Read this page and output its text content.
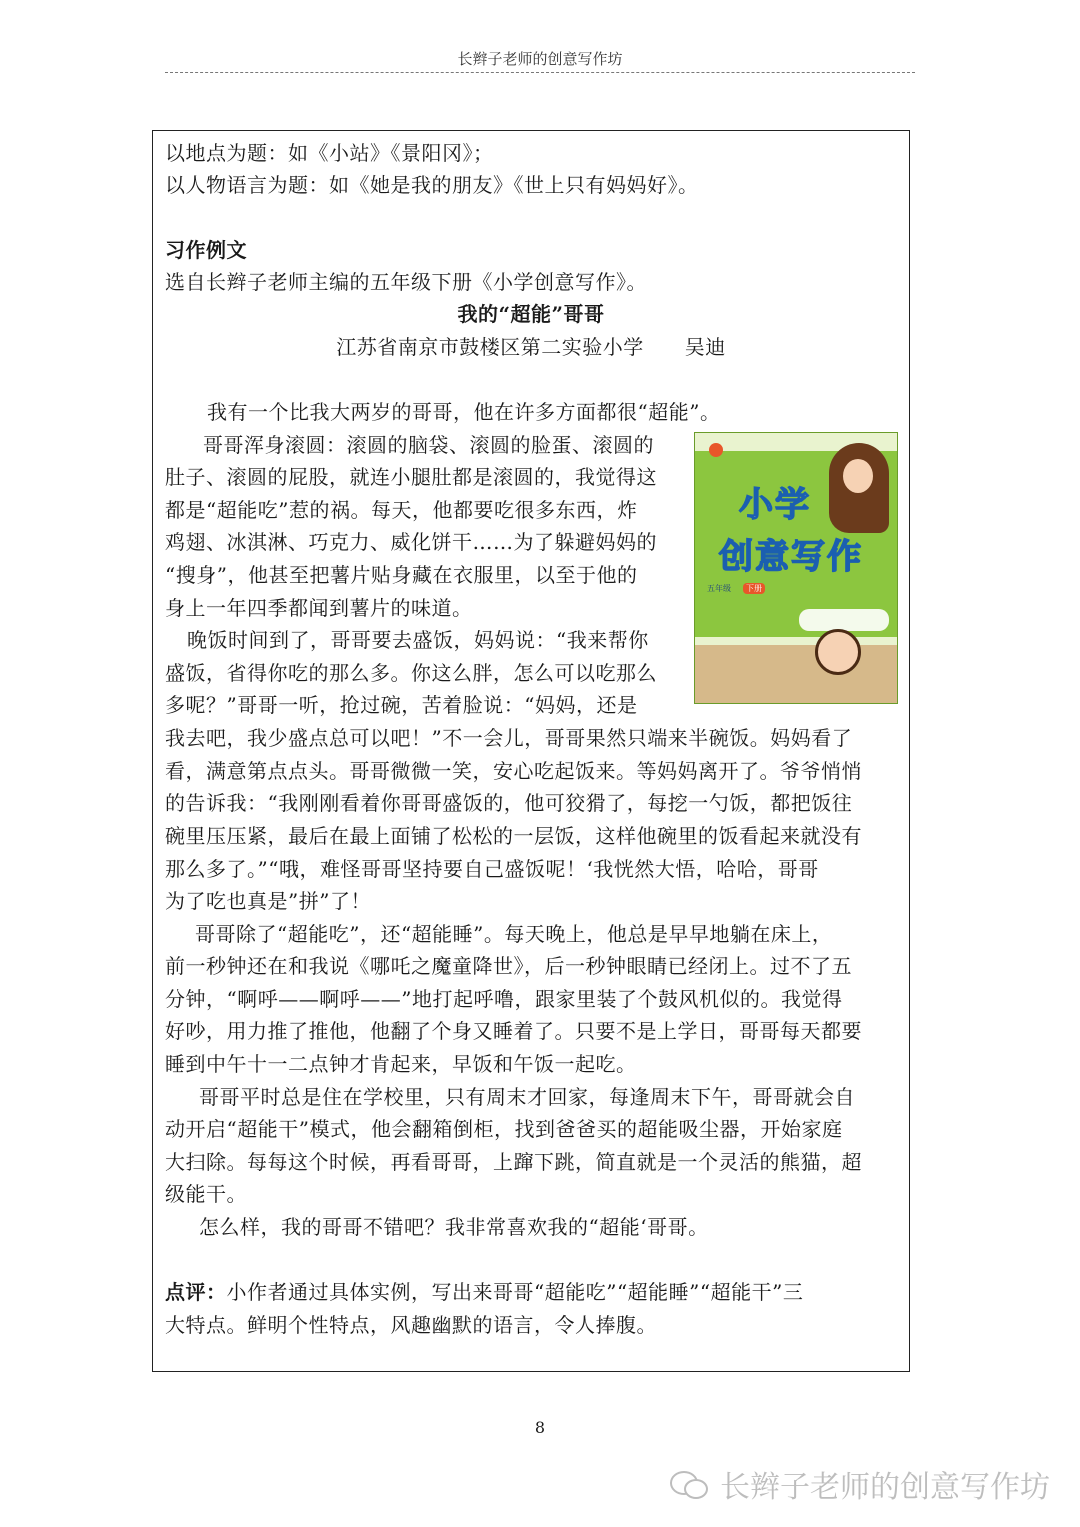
长辫子老师的创意写作坊
以地点为题：如《小站》《景阳冈》；
以人物语言为题：如《她是我的朋友》《世上只有妈妈好》。
习作例文
选自长辫子老师主编的五年级下册《小学创意写作》。
我的“超能”哥哥
江苏省南京市鼓楼区第二实验小学　　吴迪
我有一个比我大两岁的哥哥，他在许多方面都很“超能”。
哥哥浑身滚圆：滚圆的脑袋、滚圆的脸蛋、滚圆的
肚子、滚圆的屁股，就连小腿肚都是滚圆的，我觉得这
都是“超能吃”惹的祸。每天，他都要吃很多东西，炸
鸡翅、冰淇淋、巧克力、威化饼干……为了躲避妈妈的
“搜身”，他甚至把薯片贴身藏在衣服里，以至于他的
身上一年四季都闻到薯片的味道。
晚饭时间到了，哥哥要去盛饭，妈妈说：“我来帮你
盛饭，省得你吃的那么多。你这么胖，怎么可以吃那么
多呢？”哥哥一听，抢过碗，苦着脸说：“妈妈，还是
我去吧，我少盛点总可以吧！”不一会儿，哥哥果然只端来半碗饭。妈妈看了
看，满意第点点头。哥哥微微一笑，安心吃起饭来。等妈妈离开了。爷爷悄悄
的告诉我：“我刚刚看着你哥哥盛饭的，他可狡猾了，每挖一勺饭，都把饭往
碗里压压紧，最后在最上面铺了松松的一层饭，这样他碗里的饭看起来就没有
那么多了。”“哦，难怪哥哥坚持要自己盛饭呢！‘我恍然大悟，哈哈，哥哥
为了吃也真是”拼”了！
哥哥除了“超能吃”，还“超能睡”。每天晚上，他总是早早地躺在床上，
前一秒钟还在和我说《哪吒之魔童降世》，后一秒钟眼睛已经闭上。过不了五
分钟，“啊呼——啊呼——”地打起呼噜，跟家里装了个鼓风机似的。我觉得
好吵，用力推了推他，他翻了个身又睡着了。只要不是上学日，哥哥每天都要
睡到中午十一二点钟才肯起来，早饭和午饭一起吃。
哥哥平时总是住在学校里，只有周末才回家，每逢周末下午，哥哥就会自
动开启“超能干”模式，他会翻箱倒柜，找到爸爸买的超能吸尘器，开始家庭
大扫除。每每这个时候，再看哥哥，上蹿下跳，简直就是一个灵活的熊猫，超
级能干。
怎么样，我的哥哥不错吧？我非常喜欢我的“超能‘哥哥。
点评：小作者通过具体实例，写出来哥哥“超能吃”“超能睡”“超能干”三
大特点。鲜明个性特点，风趣幽默的语言，令人捧腹。
小学
创意写作
五年级	下册
8
长辫子老师的创意写作坊
